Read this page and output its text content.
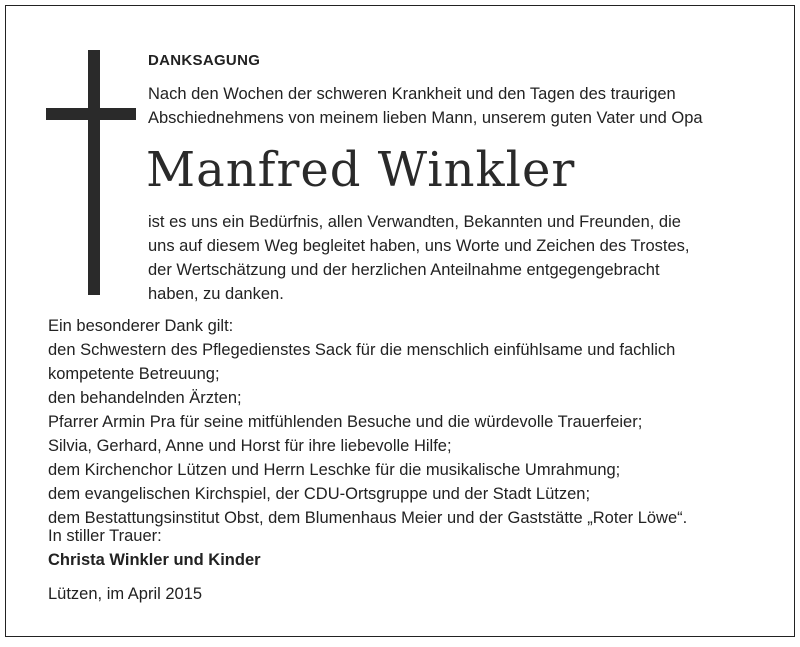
DANKSAGUNG
Nach den Wochen der schweren Krankheit und den Tagen des traurigen
Abschiednehmens von meinem lieben Mann, unserem guten Vater und Opa
Manfred Winkler
ist es uns ein Bedürfnis, allen Verwandten, Bekannten und Freunden, die
uns auf diesem Weg begleitet haben, uns Worte und Zeichen des Trostes,
der Wertschätzung und der herzlichen Anteilnahme entgegengebracht
haben, zu danken.
Ein besonderer Dank gilt:
den Schwestern des Pflegedienstes Sack für die menschlich einfühlsame und fachlich
kompetente Betreuung;
den behandelnden Ärzten;
Pfarrer Armin Pra für seine mitfühlenden Besuche und die würdevolle Trauerfeier;
Silvia, Gerhard, Anne und Horst für ihre liebevolle Hilfe;
dem Kirchenchor Lützen und Herrn Leschke für die musikalische Umrahmung;
dem evangelischen Kirchspiel, der CDU-Ortsgruppe und der Stadt Lützen;
dem Bestattungsinstitut Obst, dem Blumenhaus Meier und der Gaststätte „Roter Löwe“.
In stiller Trauer:
Christa Winkler und Kinder
Lützen, im April 2015
